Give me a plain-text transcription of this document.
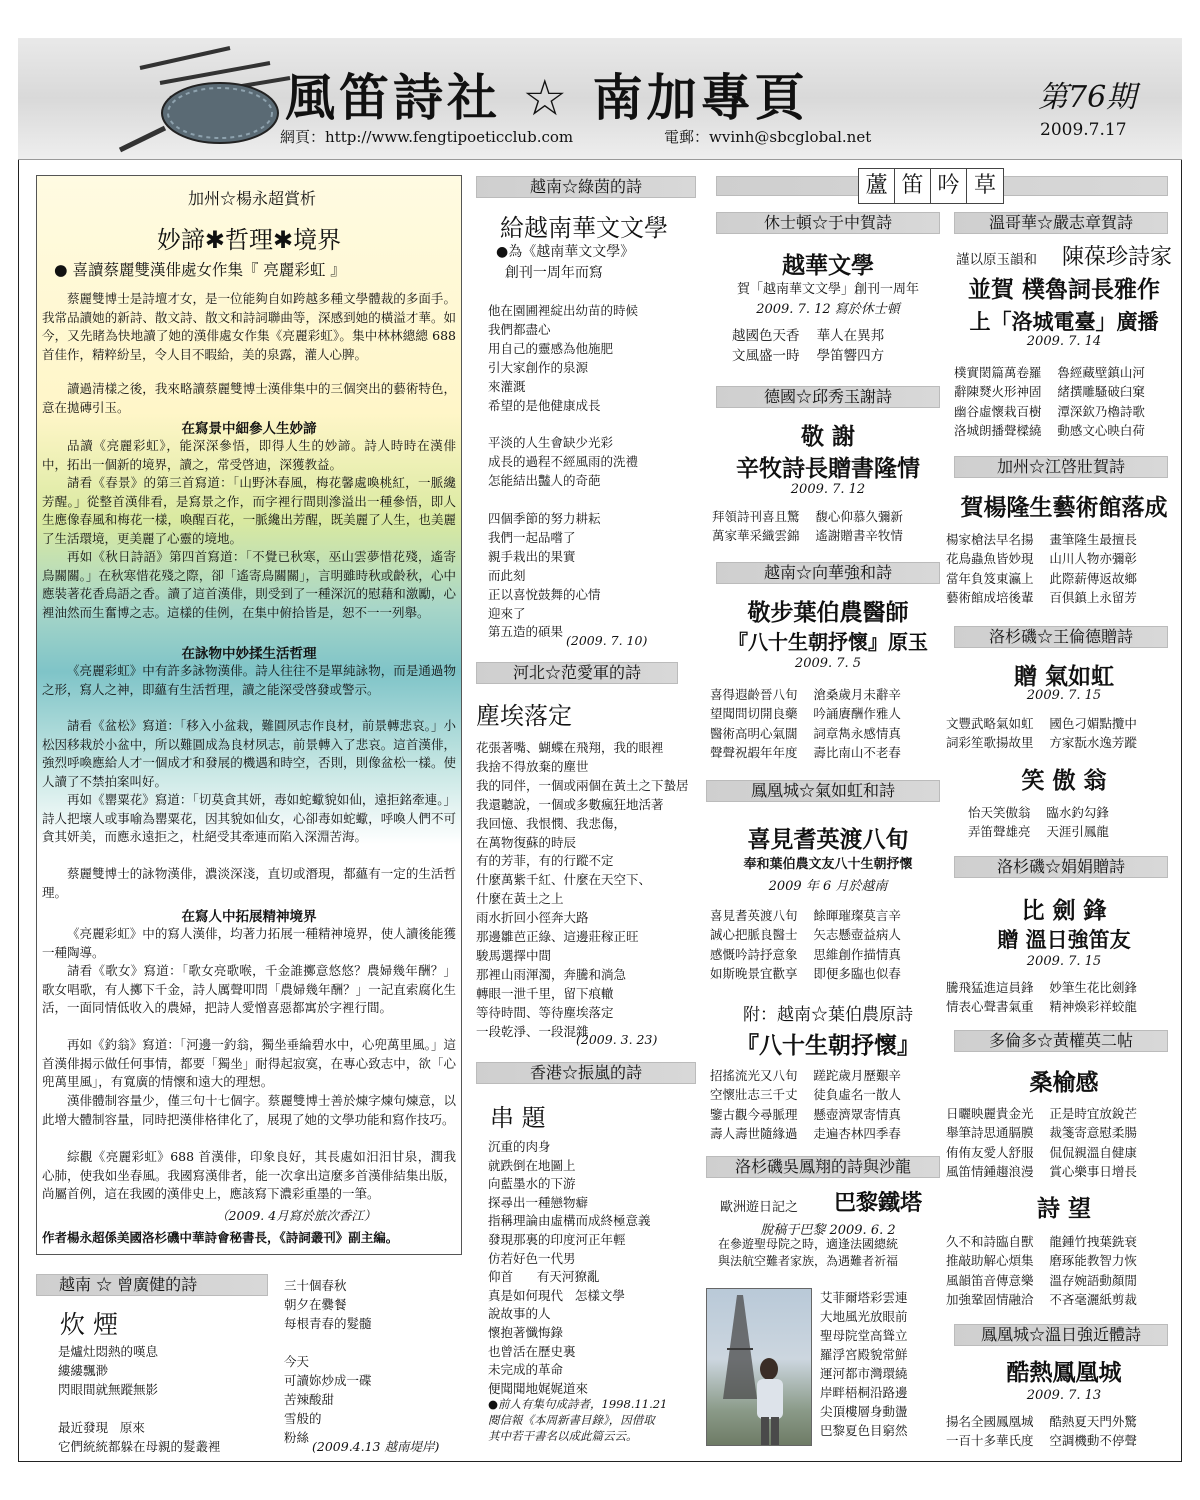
風笛詩社 ☆ 南加專頁	第76期
2009.7.17
網頁：http://www.fengtipoeticclub.com	電郵：wvinh@sbcglobal.net
加州☆楊永超賞析
妙諦✱哲理✱境界
● 喜讀蔡麗雙漢俳處女作集『 亮麗彩虹 』
蔡麗雙博士是詩壇才女，是一位能夠自如跨越多種文學體裁的多面手。我常品讀她的新詩、散文詩、散文和詩詞聯曲等，深感到她的橫溢才華。如今，又先睹為快地讀了她的漢俳處女作集《亮麗彩虹》。集中林林總總 688 首佳作，精粹紛呈，令人目不暇給，美的泉露，灌人心脾。
讀過清樣之後，我來略讀蔡麗雙博士漢俳集中的三個突出的藝術特色，意在拋磚引玉。
在寫景中細參人生妙諦
品讀《亮麗彩虹》，能深深參悟，即得人生的妙諦。詩人時時在漢俳中，拓出一個新的境界，讀之，常受啓迪，深獲教益。
請看《春景》的第三首寫道：「山野沐春風，梅花馨處喚桃紅，一脈纔芳醒。」從整首漢俳看，是寫景之作，而字裡行間則滲溢出一種參悟，即人生應像春風和梅花一樣，喚醒百花，一脈纔出芳醒，既美麗了人生，也美麗了生活環境，更美麗了心靈的境地。
再如《秋日詩語》第四首寫道：「不覺已秋寒，巫山雲夢惜花殘，遙寄鳥關關。」在秋寒惜花殘之際，卻「遙寄鳥關關」，言明雖時秋或齡秋，心中應裝著花香鳥語之香。讀了這首漢俳，則受到了一種深沉的慰藉和激勵，心裡油然而生奮博之志。這樣的佳例，在集中俯拾皆是，恕不一一列舉。
在詠物中妙揉生活哲理
《亮麗彩虹》中有許多詠物漢俳。詩人往往不是單純詠物，而是通過物之形，寫人之神，即蘊有生活哲理，讀之能深受啓發或警示。
請看《盆松》寫道：「移入小盆栽，難圓夙志作良材，前景轉悲哀。」小松因移栽於小盆中，所以難圓成為良材夙志，前景轉入了悲哀。這首漢俳，強烈呼喚應給人才一個成才和發展的機遇和時空，否則，則像盆松一樣。使人讀了不禁拍案叫好。
再如《罌粟花》寫道：「切莫貪其妍，毒如蛇蠍貌如仙，遠拒銘牽連。」詩人把壞人或事喻為罌粟花，因其貌如仙女，心卻毒如蛇蠍，呼喚人們不可貪其妍美，而應永遠拒之，杜絕受其牽連而陷入深淵苦海。
蔡麗雙博士的詠物漢俳，濃淡深淺，直切或潛現，都蘊有一定的生活哲理。
在寫人中拓展精神境界
《亮麗彩虹》中的寫人漢俳，均著力拓展一種精神境界，使人讀後能獲一種陶導。
請看《歌女》寫道：「歌女亮歌喉，千金誰擲意悠悠？農婦幾年酬？」歌女唱歌，有人擲下千金，詩人厲聲叩問「農婦幾年酬？」一記直索腐化生活，一面同情低收入的農婦，把詩人愛憎喜惡都寓於字裡行間。
再如《釣翁》寫道：「河邊一釣翁，獨坐垂綸碧水中，心兜萬里風。」這首漢俳揭示做任何事情，都要「獨坐」耐得起寂寞，在專心致志中，欲「心兜萬里風」，有寬廣的情懷和遠大的理想。
漢俳體制容量少，僅三句十七個字。蔡麗雙博士善於煉字煉句煉意，以此增大體制容量，同時把漢俳格律化了，展現了她的文學功能和寫作技巧。
綜觀《亮麗彩虹》688 首漢俳，印象良好，其長處如汨汨甘泉，潤我心肺，使我如坐春風。我國寫漢俳者，能一次拿出這麼多首漢俳結集出版，尚屬首例，這在我國的漢俳史上，應該寫下濃彩重墨的一筆。
（2009. 4月寫於旅次香江）
作者楊永超係美國洛杉磯中華詩會秘書長，《詩詞叢刊》副主編。
越南 ☆ 曾廣健的詩
炊 煙
是爐灶悶熱的嘆息
縷縷飄渺
閃眼間就無蹤無影

最近發現   原來
它們統統都躲在母親的髮叢裡
三十個春秋
朝夕在爨餐
每根青春的髮髓

今天
可讀妳炒成一碟
苦辣酸甜
雪般的
粉絲
(2009.4.13 越南堤岸)
越南☆綠茵的詩
給越南華文文學
●為《越南華文文學》
創刊一周年而寫
他在園圃裡綻出幼苗的時候
我們都盡心
用自己的靈感為他施肥
引大家創作的泉源
來灌溉
希望的是他健康成長

平淡的人生會缺少光彩
成長的過程不經風雨的洗禮
怎能結出豔人的奇葩

四個季節的努力耕耘
我們一起品嚐了
親手栽出的果實
而此刻
正以喜悅鼓舞的心情
迎來了
第五造的碩果
(2009. 7. 10)
河北☆范愛軍的詩
塵埃落定
花張著嘴、蝴蝶在飛翔，我的眼裡
我捨不得放棄的塵世
我的同伴，一個或兩個在黃土之下蟄居
我還聽說，一個或多數瘋狂地活著
我回憶、我恨憫、我悲傷，
在萬物復蘇的時辰
有的芳菲，有的行蹤不定
什麼萬紫千紅、什麼在天空下、
什麼在黃土之上
雨水折回小徑奔大路
那邊雛芭正綠、這邊莊稼正旺
駿馬選擇中間
那裡山雨渾濁，奔騰和淌急
轉眼一泄千里，留下痕轍
等待時間、等待塵埃落定
一段乾淨、一段混雜
(2009. 3. 23)
香港☆振嵐的詩
串 題
沉重的肉身
就跌倒在地圖上
向藍墨水的下游
探尋出一種戀物癖
指稱理論由虛構而成終極意義
發現那裏的印度河正年輕
仿若好色一代男
仰首      有天河獠亂
真是如何現代   怎樣文學
說故事的人
懷抱著懺悔錄
也曾活在歷史裏
未完成的革命
便聞聞地娓娓道來
●前人有集句成詩者，1998.11.21
閱信報《本周新書目錄》，因借取
其中若干書名以成此篇云云。
蘆 笛 吟 草
休士頓☆于中賀詩
越華文學
賀「越南華文文學」創刊一周年
2009. 7. 12 寫於休士頓
越國色天香    華人在異邦
文風盛一時    學笛響四方
德國☆邱秀玉謝詩
敬 謝
辛牧詩長贈書隆情
2009. 7. 12
拜領詩刊喜且驚    馥心仰慕久彌新
萬家華采織雲錦    遙謝贈書辛牧情
越南☆向華強和詩
敬步葉伯農醫師
『八十生朝抒懷』原玉
2009. 7. 5
喜得遐齡晉八旬    滄桑歲月未辭辛
望聞問切開良藥    吟誦賡酬作雅人
醫術高明心氣闊    詞章雋永感情真
聲聲祝嘏年年度    壽比南山不老春
鳳凰城☆氣如虹和詩
喜見耆英渡八旬
奉和葉伯農文友八十生朝抒懷
2009 年 6 月於越南
喜見耆英渡八旬    餘暉璀璨莫言辛
誠心把脈良醫士    矢志懸壺益病人
感慨吟詩抒意象    思維創作描情真
如斯晚景宜歡享    即便多臨也似春
附：越南☆葉伯農原詩
『八十生朝抒懷』
招搖流光又八旬    蹉跎歲月歷艱辛
空懷壯志三千丈    徒負虛名一散人
鑒古觀今尋脈理    懸壺濟眾寄情真
壽人壽世隨緣過    走遍杏林四季春
洛杉磯吳鳳翔的詩與沙龍
歐洲遊日記之 巴黎鐵塔
脫稿于巴黎 2009. 6. 2
在參遊聖母院之時，適逢法國總統
與法航空難者家族，為遇難者祈福
艾菲爾塔彩雲連
大地風光放眼前
聖母院堂高聳立
羅浮宮殿貌常鮮
運河都市灣環繞
岸畔梧桐沿路邊
尖頂樓層身動盪
巴黎夏色目窮然
溫哥華☆嚴志章賀詩
謹以原玉韻和 陳葆珍詩家
並賀 樸魯詞長雅作
上「洛城電臺」廣播
2009. 7. 14
樸實閎篇萬卷羅    魯經藏壁鎮山河
辭陳燹火形神固    緒撰雕騷破臼窠
幽谷虛懷栽百樹    潭深欽乃櫓詩歌
洛城朗播聲樑繞    動感文心映白荷
加州☆江啓壯賀詩
賀楊隆生藝術館落成
楊家槍法早名揚    畫筆隆生最擅長
花鳥蟲魚皆妙現    山川人物亦彌彰
當年負笈東瀛上    此際薪傳返故鄉
藝術館成培後輩    百倶鎮上永留芳
洛杉磯☆王倫德贈詩
贈 氣如虹
2009. 7. 15
文豐武略氣如虹    國色刁媚點攬中
詞彩笙歌揚故里    方家翫水逸芳蹤
笑 傲 翁
怡天笑傲翁    臨水釣勾鋒
弄笛聲雄亮    天涯引鳳龍
洛杉磯☆娟娟贈詩
比 劍 鋒
贈 溫日強笛友
2009. 7. 15
騰飛猛進這員鋒    妙筆生花比劍鋒
情表心聲書氣重    精神煥彩祥蛟龍
多倫多☆黃權英二帖
桑榆感
日曬映麗貴金光    正是時宜放銳芒
舉筆詩思通膈膜    裁箋寄意慰柔腸
侑侑友愛人舒服    侃侃親溫自健康
風笛情鍾趨浪漫    賞心樂事日增長
詩 望
久不和詩臨自獸    龍鍾竹拽葉銑衰
推敲助解心煩集    磨琢能教智力恢
風韻笛音傳意樂    溫存婉語動顏閒
加強鞏固情融洽    不吝毫灑紙剪裁
鳳凰城☆溫日強近體詩
酷熱鳳凰城
2009. 7. 13
揚名全國鳳凰城    酷熱夏天門外驚
一百十多華氏度    空調機動不停聲
